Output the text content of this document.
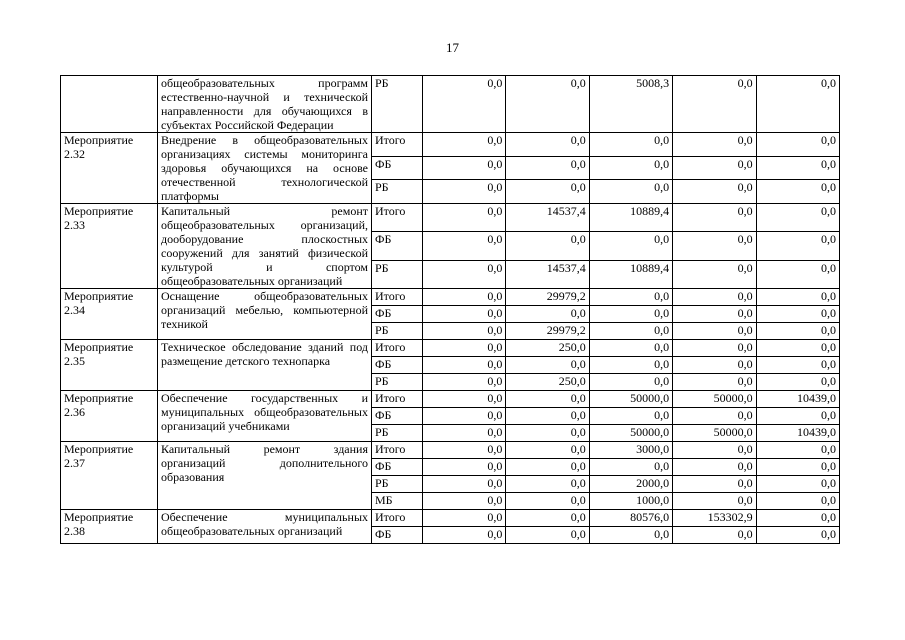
17
	общеобразовательных программ естественно-научной и технической направленности для обучающихся в субъектах Российской Федерации	РБ	0,0	0,0	5008,3	0,0	0,0
Мероприятие 2.32	Внедрение в общеобразовательных организациях системы мониторинга здоровья обучающихся на основе отечественной технологической платформы	Итого	0,0	0,0	0,0	0,0	0,0
		ФБ	0,0	0,0	0,0	0,0	0,0
		РБ	0,0	0,0	0,0	0,0	0,0
Мероприятие 2.33	Капитальный ремонт общеобразовательных организаций, дооборудование плоскостных сооружений для занятий физической культурой и спортом общеобразовательных организаций	Итого	0,0	14537,4	10889,4	0,0	0,0
		ФБ	0,0	0,0	0,0	0,0	0,0
		РБ	0,0	14537,4	10889,4	0,0	0,0
Мероприятие 2.34	Оснащение общеобразовательных организаций мебелью, компьютерной техникой	Итого	0,0	29979,2	0,0	0,0	0,0
		ФБ	0,0	0,0	0,0	0,0	0,0
		РБ	0,0	29979,2	0,0	0,0	0,0
Мероприятие 2.35	Техническое обследование зданий под размещение детского технопарка	Итого	0,0	250,0	0,0	0,0	0,0
		ФБ	0,0	0,0	0,0	0,0	0,0
		РБ	0,0	250,0	0,0	0,0	0,0
Мероприятие 2.36	Обеспечение государственных и муниципальных общеобразовательных организаций учебниками	Итого	0,0	0,0	50000,0	50000,0	10439,0
		ФБ	0,0	0,0	0,0	0,0	0,0
		РБ	0,0	0,0	50000,0	50000,0	10439,0
Мероприятие 2.37	Капитальный ремонт здания организаций дополнительного образования	Итого	0,0	0,0	3000,0	0,0	0,0
		ФБ	0,0	0,0	0,0	0,0	0,0
		РБ	0,0	0,0	2000,0	0,0	0,0
		МБ	0,0	0,0	1000,0	0,0	0,0
Мероприятие 2.38	Обеспечение муниципальных общеобразовательных организаций	Итого	0,0	0,0	80576,0	153302,9	0,0
		ФБ	0,0	0,0	0,0	0,0	0,0
